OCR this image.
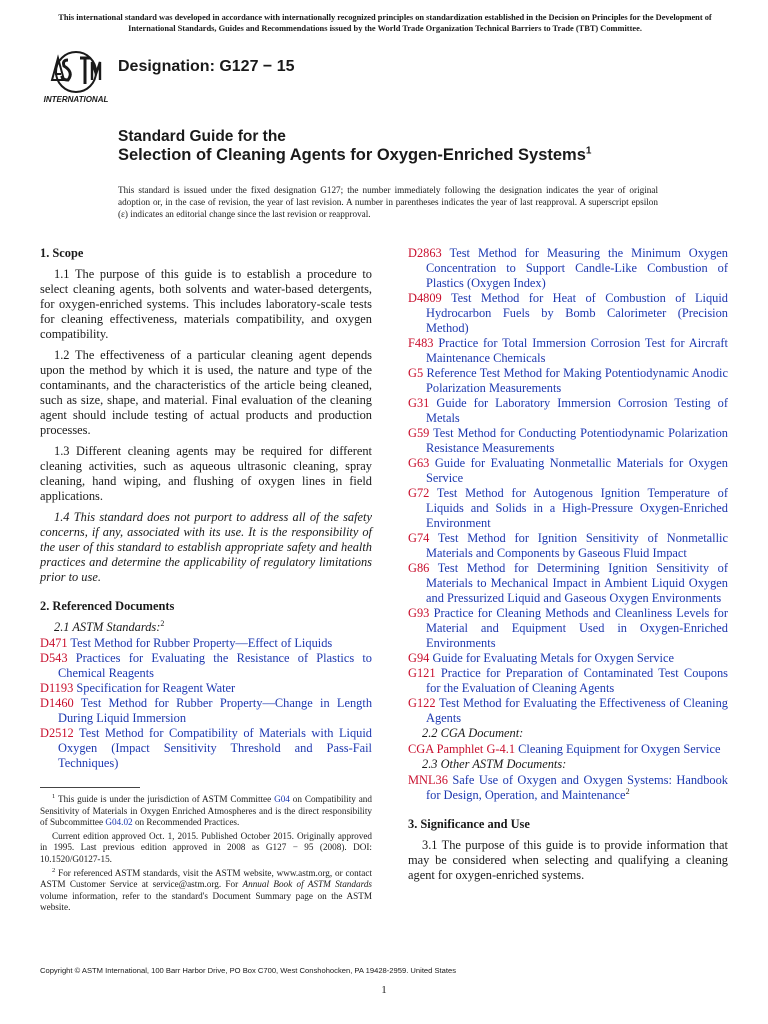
This international standard was developed in accordance with internationally recognized principles on standardization established in the Decision on Principles for the Development of International Standards, Guides and Recommendations issued by the World Trade Organization Technical Barriers to Trade (TBT) Committee.
INTERNATIONAL
Designation: G127 − 15
Standard Guide for the
Selection of Cleaning Agents for Oxygen-Enriched Systems$^1$
This standard is issued under the fixed designation G127; the number immediately following the designation indicates the year of original adoption or, in the case of revision, the year of last revision. A number in parentheses indicates the year of last reapproval. A superscript epsilon (ε) indicates an editorial change since the last revision or reapproval.
1. Scope

1.1 The purpose of this guide is to establish a procedure to select cleaning agents, both solvents and water-based detergents, for oxygen-enriched systems. This includes laboratory-scale tests for cleaning effectiveness, materials compatibility, and oxygen compatibility.

1.2 The effectiveness of a particular cleaning agent depends upon the method by which it is used, the nature and type of the contaminants, and the characteristics of the article being cleaned, such as size, shape, and material. Final evaluation of the cleaning agent should include testing of actual products and production processes.

1.3 Different cleaning agents may be required for different cleaning activities, such as aqueous ultrasonic cleaning, spray cleaning, hand wiping, and flushing of oxygen lines in field applications.

1.4 This standard does not purport to address all of the safety concerns, if any, associated with its use. It is the responsibility of the user of this standard to establish appropriate safety and health practices and determine the applicability of regulatory limitations prior to use.

2. Referenced Documents
2.1 ASTM Standards:$^2$
D471 Test Method for Rubber Property—Effect of Liquids
D543 Practices for Evaluating the Resistance of Plastics to Chemical Reagents
D1193 Specification for Reagent Water
D1460 Test Method for Rubber Property—Change in Length During Liquid Immersion
D2512 Test Method for Compatibility of Materials with Liquid Oxygen (Impact Sensitivity Threshold and Pass-Fail Techniques)

$^1$ This guide is under the jurisdiction of ASTM Committee G04 on Compatibility and Sensitivity of Materials in Oxygen Enriched Atmospheres and is the direct responsibility of Subcommittee G04.02 on Recommended Practices.

Current edition approved Oct. 1, 2015. Published October 2015. Originally approved in 1995. Last previous edition approved in 2008 as G127 − 95 (2008). DOI: 10.1520/G0127-15.

$^2$ For referenced ASTM standards, visit the ASTM website, www.astm.org, or contact ASTM Customer Service at service@astm.org. For Annual Book of ASTM Standards volume information, refer to the standard's Document Summary page on the ASTM website.

D2863 Test Method for Measuring the Minimum Oxygen Concentration to Support Candle-Like Combustion of Plastics (Oxygen Index)
D4809 Test Method for Heat of Combustion of Liquid Hydrocarbon Fuels by Bomb Calorimeter (Precision Method)
F483 Practice for Total Immersion Corrosion Test for Aircraft Maintenance Chemicals
G5 Reference Test Method for Making Potentiodynamic Anodic Polarization Measurements
G31 Guide for Laboratory Immersion Corrosion Testing of Metals
G59 Test Method for Conducting Potentiodynamic Polarization Resistance Measurements
G63 Guide for Evaluating Nonmetallic Materials for Oxygen Service
G72 Test Method for Autogenous Ignition Temperature of Liquids and Solids in a High-Pressure Oxygen-Enriched Environment
G74 Test Method for Ignition Sensitivity of Nonmetallic Materials and Components by Gaseous Fluid Impact
G86 Test Method for Determining Ignition Sensitivity of Materials to Mechanical Impact in Ambient Liquid Oxygen and Pressurized Liquid and Gaseous Oxygen Environments
G93 Practice for Cleaning Methods and Cleanliness Levels for Material and Equipment Used in Oxygen-Enriched Environments
G94 Guide for Evaluating Metals for Oxygen Service
G121 Practice for Preparation of Contaminated Test Coupons for the Evaluation of Cleaning Agents
G122 Test Method for Evaluating the Effectiveness of Cleaning Agents
2.2 CGA Document:
CGA Pamphlet G-4.1 Cleaning Equipment for Oxygen Service
2.3 Other ASTM Documents:
MNL36 Safe Use of Oxygen and Oxygen Systems: Handbook for Design, Operation, and Maintenance$^2$
3. Significance and Use

3.1 The purpose of this guide is to provide information that may be considered when selecting and qualifying a cleaning agent for oxygen-enriched systems.

Copyright © ASTM International, 100 Barr Harbor Drive, PO Box C700, West Conshohocken, PA 19428-2959. United States
1
